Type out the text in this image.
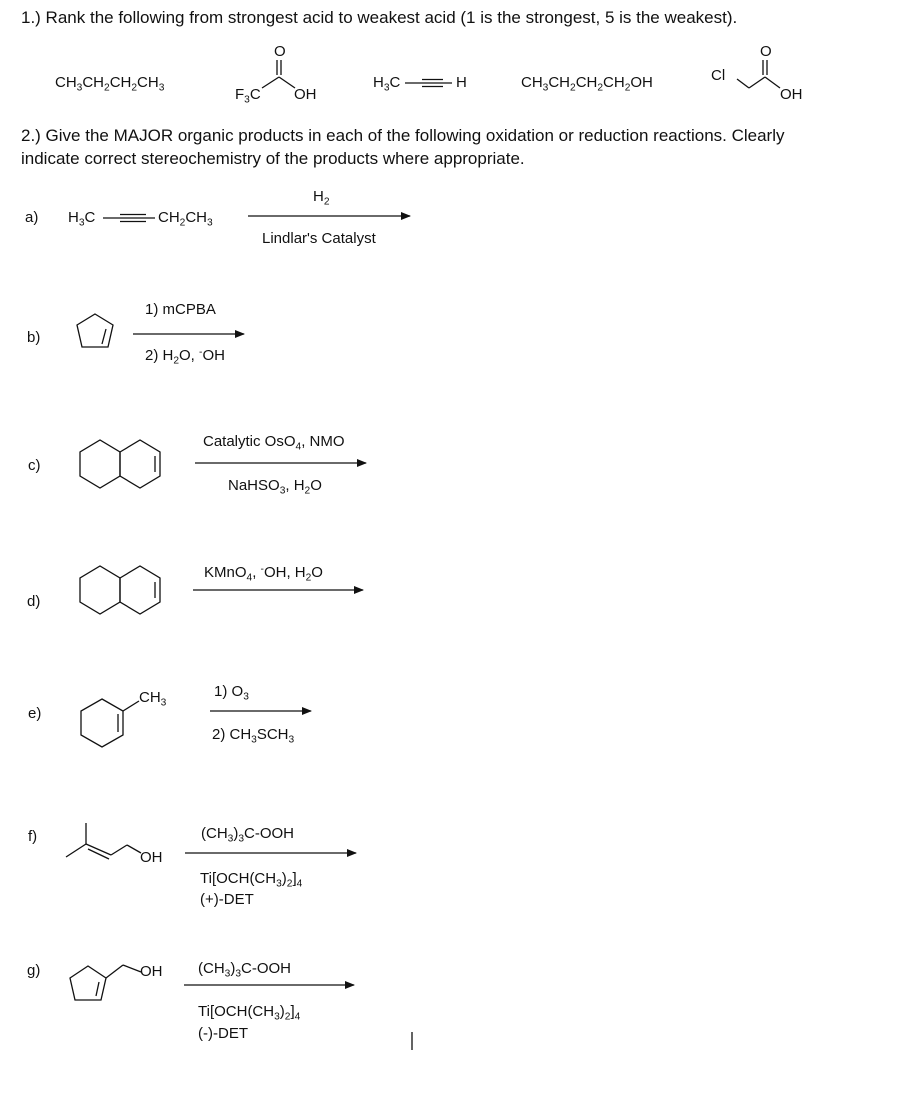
1.) Rank the following from strongest acid to weakest acid (1 is the strongest, 5 is the weakest).
$CH_3CH_2CH_2CH_3$	$F_3C$
O
OH
$H_3C$	H	$CH_3CH_2CH_2CH_2OH$	Cl
O
OH
2.) Give the MAJOR organic products in each of the following oxidation or reduction reactions. Clearly
indicate correct stereochemistry of the products where appropriate.
a) $H_3C$	$CH_2CH_3$
$H_2$
Lindlar's Catalyst
b)
1) mCPBA
2) $H_2O$, -OH
c)
Catalytic OsO$_4$, NMO
NaHSO$_3$, $H_2O$
d)
KMnO$_4$, -OH, $H_2O$
e)
$CH_3$
1) $O_3$
2) $CH_3SCH_3$
f)
OH
$(CH_3)_3C$-OOH
$Ti[OCH(CH_3)_2]_4$
(+)-DET
g)	OH $(CH_3)_3C$-OOH
$Ti[OCH(CH_3)_2]_4$
(-)-DET
